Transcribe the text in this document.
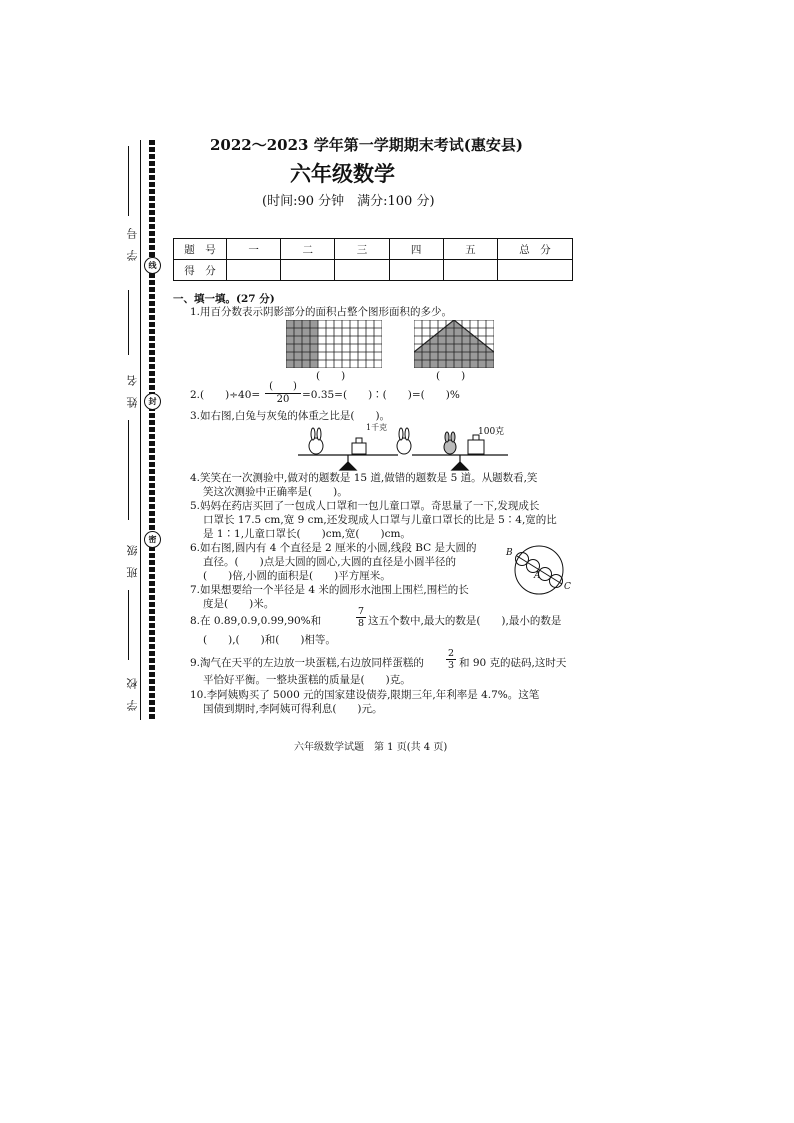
2022～2023 学年第一学期期末考试(惠安县)
六年级数学
(时间:90 分钟　满分:100 分)
线
封
密
学　号
姓　名
班　级
学　校
题　号	一	二	三	四	五	总　分
得　分						
一、填一填。(27 分)
1.用百分数表示阴影部分的面积占整个图形面积的多少。
(　　)	(　　)
2.(　　)÷40=
(　　)
20	=0.35=(　　)∶(　　)=(　　)%
3.如右图,白兔与灰兔的体重之比是(　　)。
1千克	100克
4.笑笑在一次测验中,做对的题数是 15 道,做错的题数是 5 道。从题数看,笑
笑这次测验中正确率是(　　)。
5.妈妈在药店买回了一包成人口罩和一包儿童口罩。奇思量了一下,发现成长
口罩长 17.5 cm,宽 9 cm,还发现成人口罩与儿童口罩长的比是 5∶4,宽的比
是 1∶1,儿童口罩长(　　)cm,宽(　　)cm。
6.如右图,圆内有 4 个直径是 2 厘米的小圆,线段 BC 是大圆的
直径。(　　)点是大圆的圆心,大圆的直径是小圆半径的
(　　)倍,小圆的面积是(　　)平方厘米。
B
A
C
7.如果想要给一个半径是 4 米的圆形水池围上围栏,围栏的长
度是(　　)米。
8.在 0.89,0.9,0.99,90%和	$\frac{7}{8}$ 这五个数中,最大的数是(　　),最小的数是
(　　),(　　)和(　　)相等。
9.淘气在天平的左边放一块蛋糕,右边放同样蛋糕的 $\frac{2}{3}$ 和 90 克的砝码,这时天
平恰好平衡。一整块蛋糕的质量是(　　)克。
10.李阿姨购买了 5000 元的国家建设债券,限期三年,年利率是 4.7%。这笔
国债到期时,李阿姨可得利息(　　)元。
六年级数学试题　第 1 页(共 4 页)
